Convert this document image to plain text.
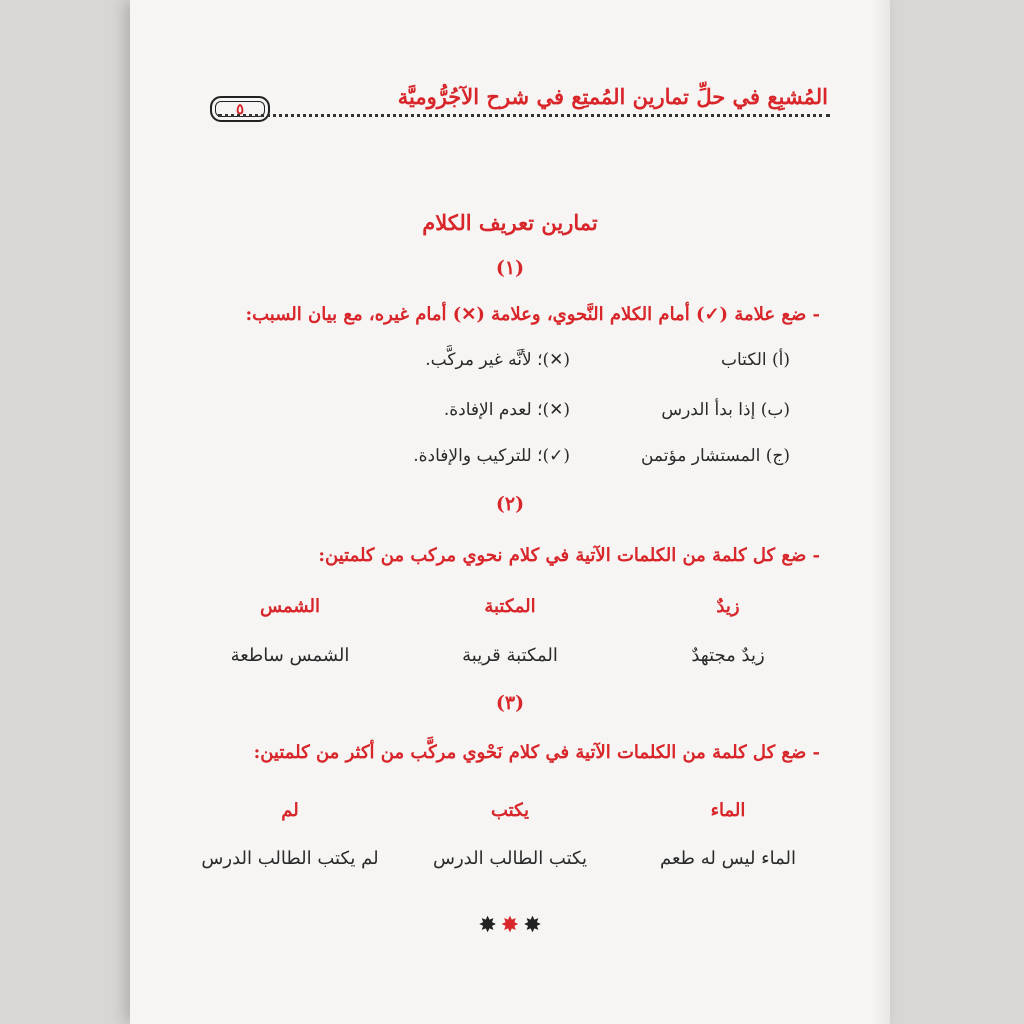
المُشبِع في حلِّ تمارين المُمتِع في شرح الآجُرُّوميَّة
٥
تمارين تعريف الكلام
(١)
- ضع علامة (✓) أمام الكلام النَّحوي، وعلامة (✕) أمام غيره، مع بيان السبب:
(أ) الكتاب
(✕)؛ لأنَّه غير مركَّب.
(ب) إذا بدأ الدرس
(✕)؛ لعدم الإفادة.
(ج) المستشار مؤتمن
(✓)؛ للتركيب والإفادة.
(٢)
- ضع كل كلمة من الكلمات الآتية في كلام نحوي مركب من كلمتين:
زيدٌ
المكتبة
الشمس
زيدٌ مجتهدٌ
المكتبة قريبة
الشمس ساطعة
(٣)
- ضع كل كلمة من الكلمات الآتية في كلام نَحْوي مركَّب من أكثر من كلمتين:
الماء
يكتب
لم
الماء ليس له طعم
يكتب الطالب الدرس
لم يكتب الطالب الدرس
✸ ✸ ✸
